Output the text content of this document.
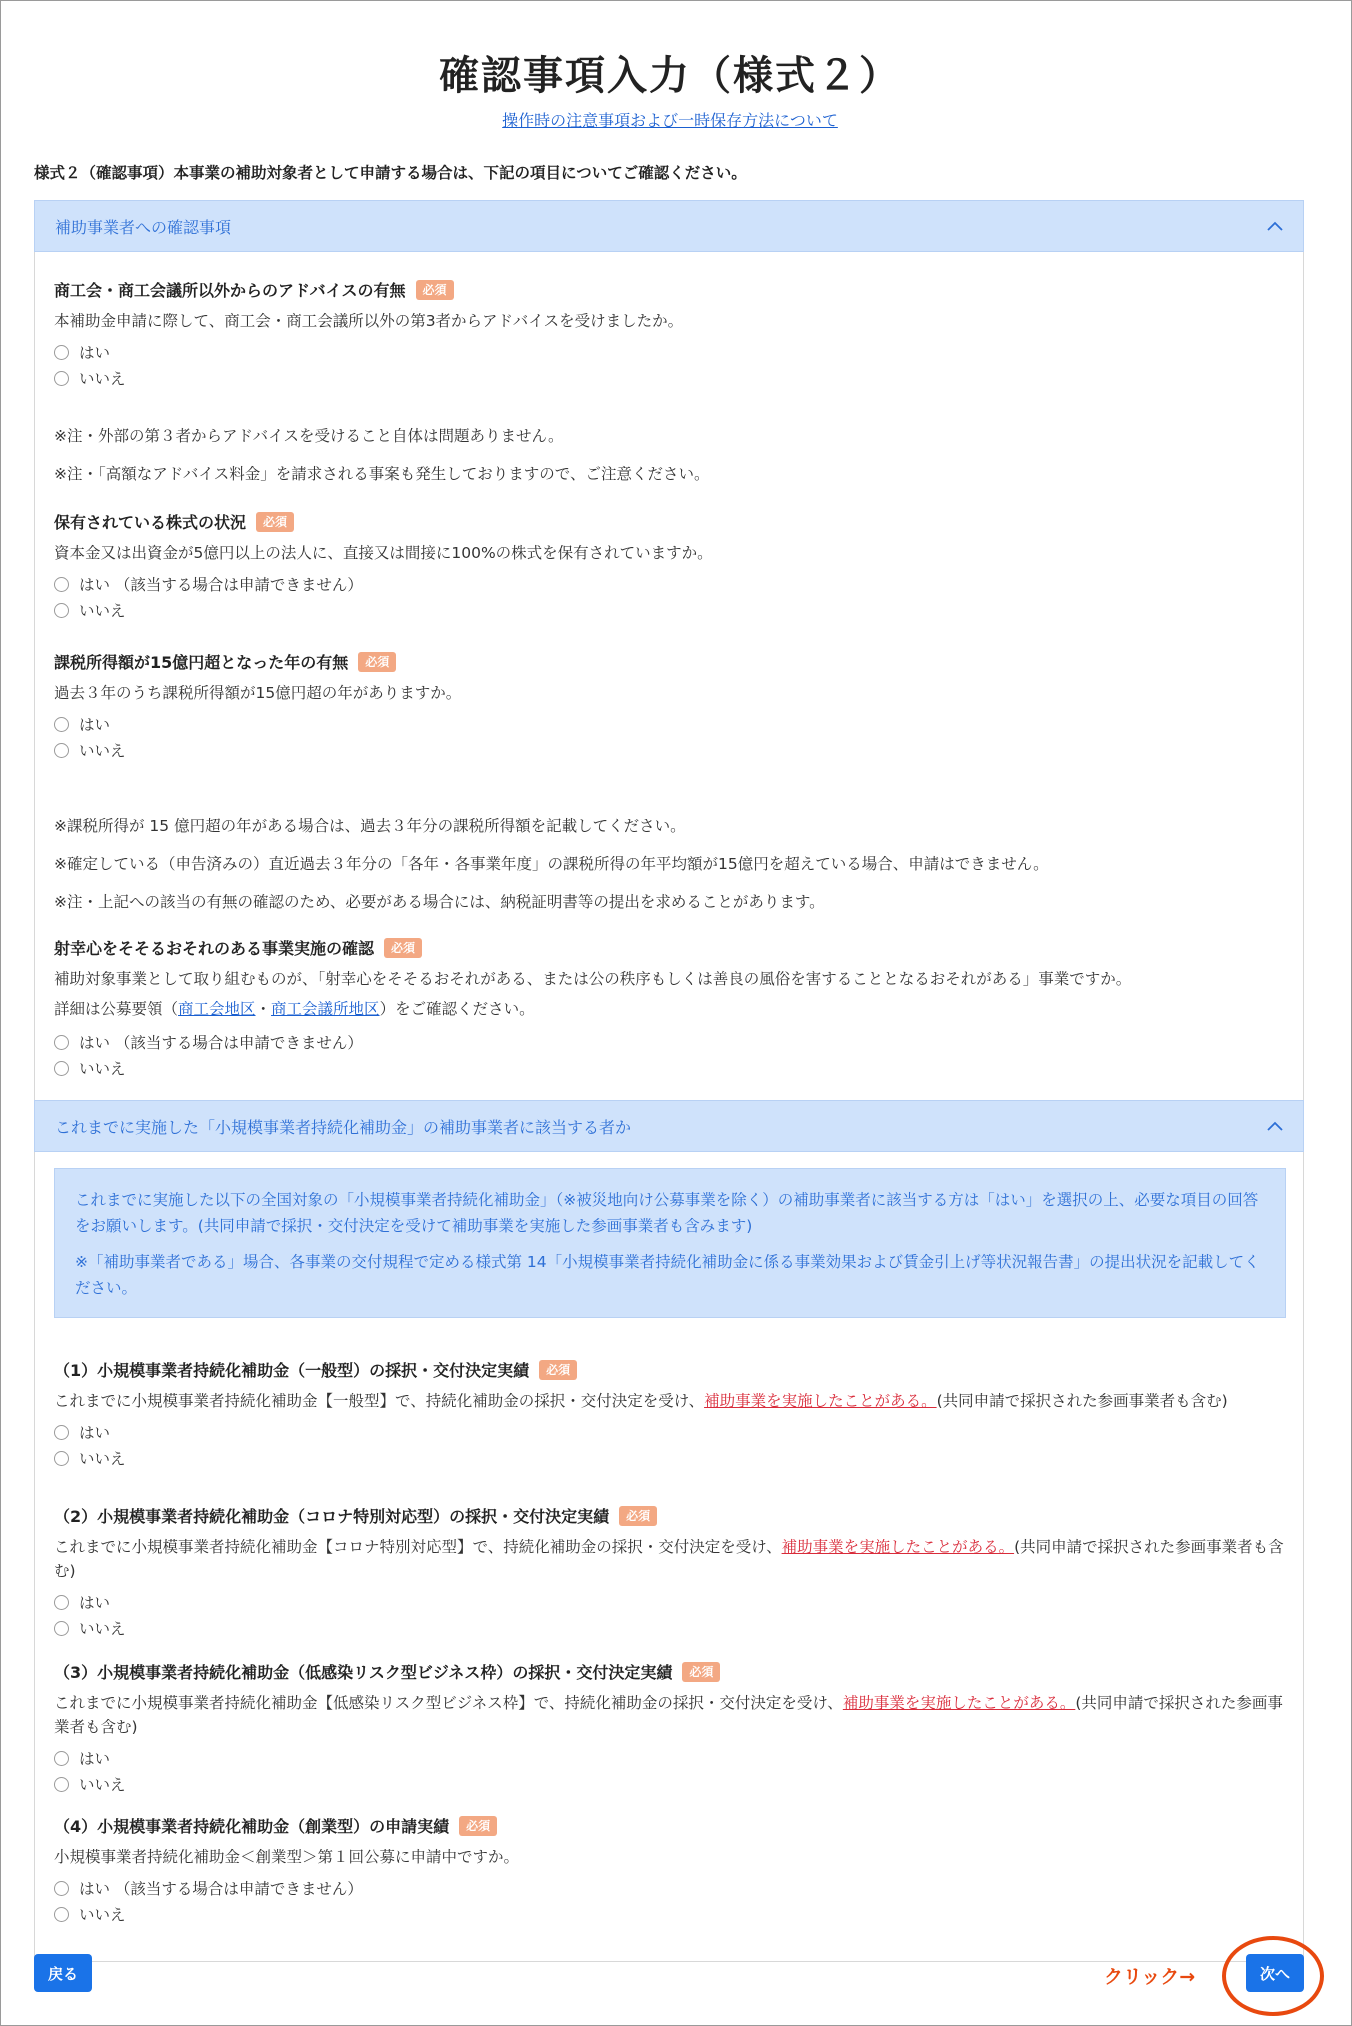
確認事項入力（様式２）
操作時の注意事項および一時保存方法について
様式２（確認事項）本事業の補助対象者として申請する場合は、下記の項目についてご確認ください。
補助事業者への確認事項
商工会・商工会議所以外からのアドバイスの有無	必須
本補助金申請に際して、商工会・商工会議所以外の第3者からアドバイスを受けましたか。
はい
いいえ
※注・外部の第３者からアドバイスを受けること自体は問題ありません。
※注・「高額なアドバイス料金」を請求される事案も発生しておりますので、ご注意ください。
保有されている株式の状況	必須
資本金又は出資金が5億円以上の法人に、直接又は間接に100%の株式を保有されていますか。
はい （該当する場合は申請できません）
いいえ
課税所得額が15億円超となった年の有無	必須
過去３年のうち課税所得額が15億円超の年がありますか。
はい
いいえ
※課税所得が 15 億円超の年がある場合は、過去３年分の課税所得額を記載してください。
※確定している（申告済みの）直近過去３年分の「各年・各事業年度」の課税所得の年平均額が15億円を超えている場合、申請はできません。
※注・上記への該当の有無の確認のため、必要がある場合には、納税証明書等の提出を求めることがあります。
射幸心をそそるおそれのある事業実施の確認	必須
補助対象事業として取り組むものが、「射幸心をそそるおそれがある、または公の秩序もしくは善良の風俗を害することとなるおそれがある」事業ですか。
詳細は公募要領（商工会地区・商工会議所地区）をご確認ください。
はい （該当する場合は申請できません）
いいえ
これまでに実施した「小規模事業者持続化補助金」の補助事業者に該当する者か
これまでに実施した以下の全国対象の「小規模事業者持続化補助金」（※被災地向け公募事業を除く）の補助事業者に該当する方は「はい」を選択の上、必要な項目の回答をお願いします。(共同申請で採択・交付決定を受けて補助事業を実施した参画事業者も含みます)
※「補助事業者である」場合、各事業の交付規程で定める様式第 14「小規模事業者持続化補助金に係る事業効果および賃金引上げ等状況報告書」の提出状況を記載してください。
（1）小規模事業者持続化補助金（一般型）の採択・交付決定実績	必須
これまでに小規模事業者持続化補助金【一般型】で、持続化補助金の採択・交付決定を受け、補助事業を実施したことがある。(共同申請で採択された参画事業者も含む)
はい
いいえ
（2）小規模事業者持続化補助金（コロナ特別対応型）の採択・交付決定実績	必須
これまでに小規模事業者持続化補助金【コロナ特別対応型】で、持続化補助金の採択・交付決定を受け、補助事業を実施したことがある。(共同申請で採択された参画事業者も含む)
はい
いいえ
（3）小規模事業者持続化補助金（低感染リスク型ビジネス枠）の採択・交付決定実績	必須
これまでに小規模事業者持続化補助金【低感染リスク型ビジネス枠】で、持続化補助金の採択・交付決定を受け、補助事業を実施したことがある。(共同申請で採択された参画事業者も含む)
はい
いいえ
（4）小規模事業者持続化補助金（創業型）の申請実績	必須
小規模事業者持続化補助金＜創業型＞第１回公募に申請中ですか。
はい （該当する場合は申請できません）
いいえ
戻る	クリック→	次へ
